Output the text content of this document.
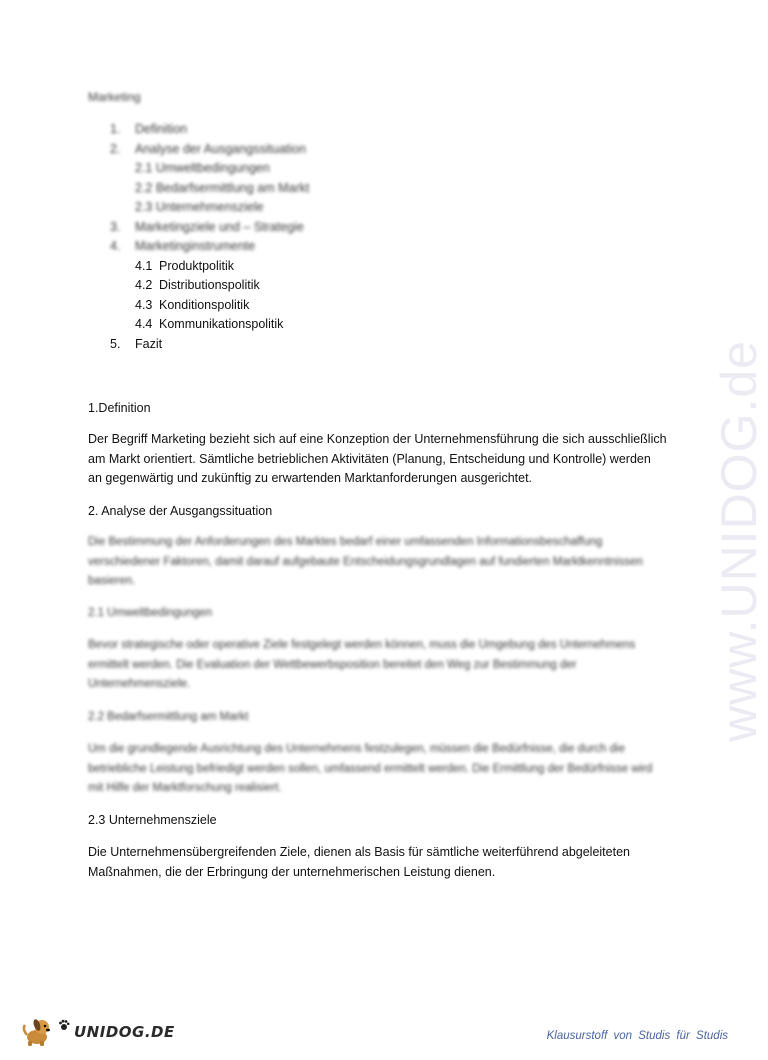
Marketing
1. Definition
2. Analyse der Ausgangssituation
2.1 Umweltbedingungen
2.2 Bedarfsermittlung am Markt
2.3 Unternehmensziele
3. Marketingziele und – Strategie
4. Marketinginstrumente
4.1 Produktpolitik
4.2 Distributionspolitik
4.3 Konditionspolitik
4.4 Kommunikationspolitik
5. Fazit
1.Definition
Der Begriff Marketing bezieht sich auf eine Konzeption der Unternehmensführung die sich ausschließlich am Markt orientiert. Sämtliche betrieblichen Aktivitäten (Planung, Entscheidung und Kontrolle) werden an gegenwärtig und zukünftig zu erwartenden Marktanforderungen ausgerichtet.
2. Analyse der Ausgangssituation
Die Bestimmung der Anforderungen des Marktes bedarf einer umfassenden Informationsbeschaffung verschiedener Faktoren, damit darauf aufgebaute Entscheidungsgrundlagen auf fundierten Marktkenntnissen basieren.
2.1 Umweltbedingungen
Bevor strategische oder operative Ziele festgelegt werden können, muss die Umgebung des Unternehmens ermittelt werden. Die Evaluation der Wettbewerbsposition bereitet den Weg zur Bestimmung der Unternehmensziele.
2.2 Bedarfsermittlung am Markt
Um die grundlegende Ausrichtung des Unternehmens festzulegen, müssen die Bedürfnisse, die durch die betriebliche Leistung befriedigt werden sollen, umfassend ermittelt werden. Die Ermittlung der Bedürfnisse wird mit Hilfe der Marktforschung realisiert.
2.3 Unternehmensziele
Die Unternehmensübergreifenden Ziele, dienen als Basis für sämtliche weiterführend abgeleiteten Maßnahmen, die der Erbringung der unternehmerischen Leistung dienen.
www.UNIDOG.de
UNIDOG.DE	Klausurstoff von Studis für Studis
